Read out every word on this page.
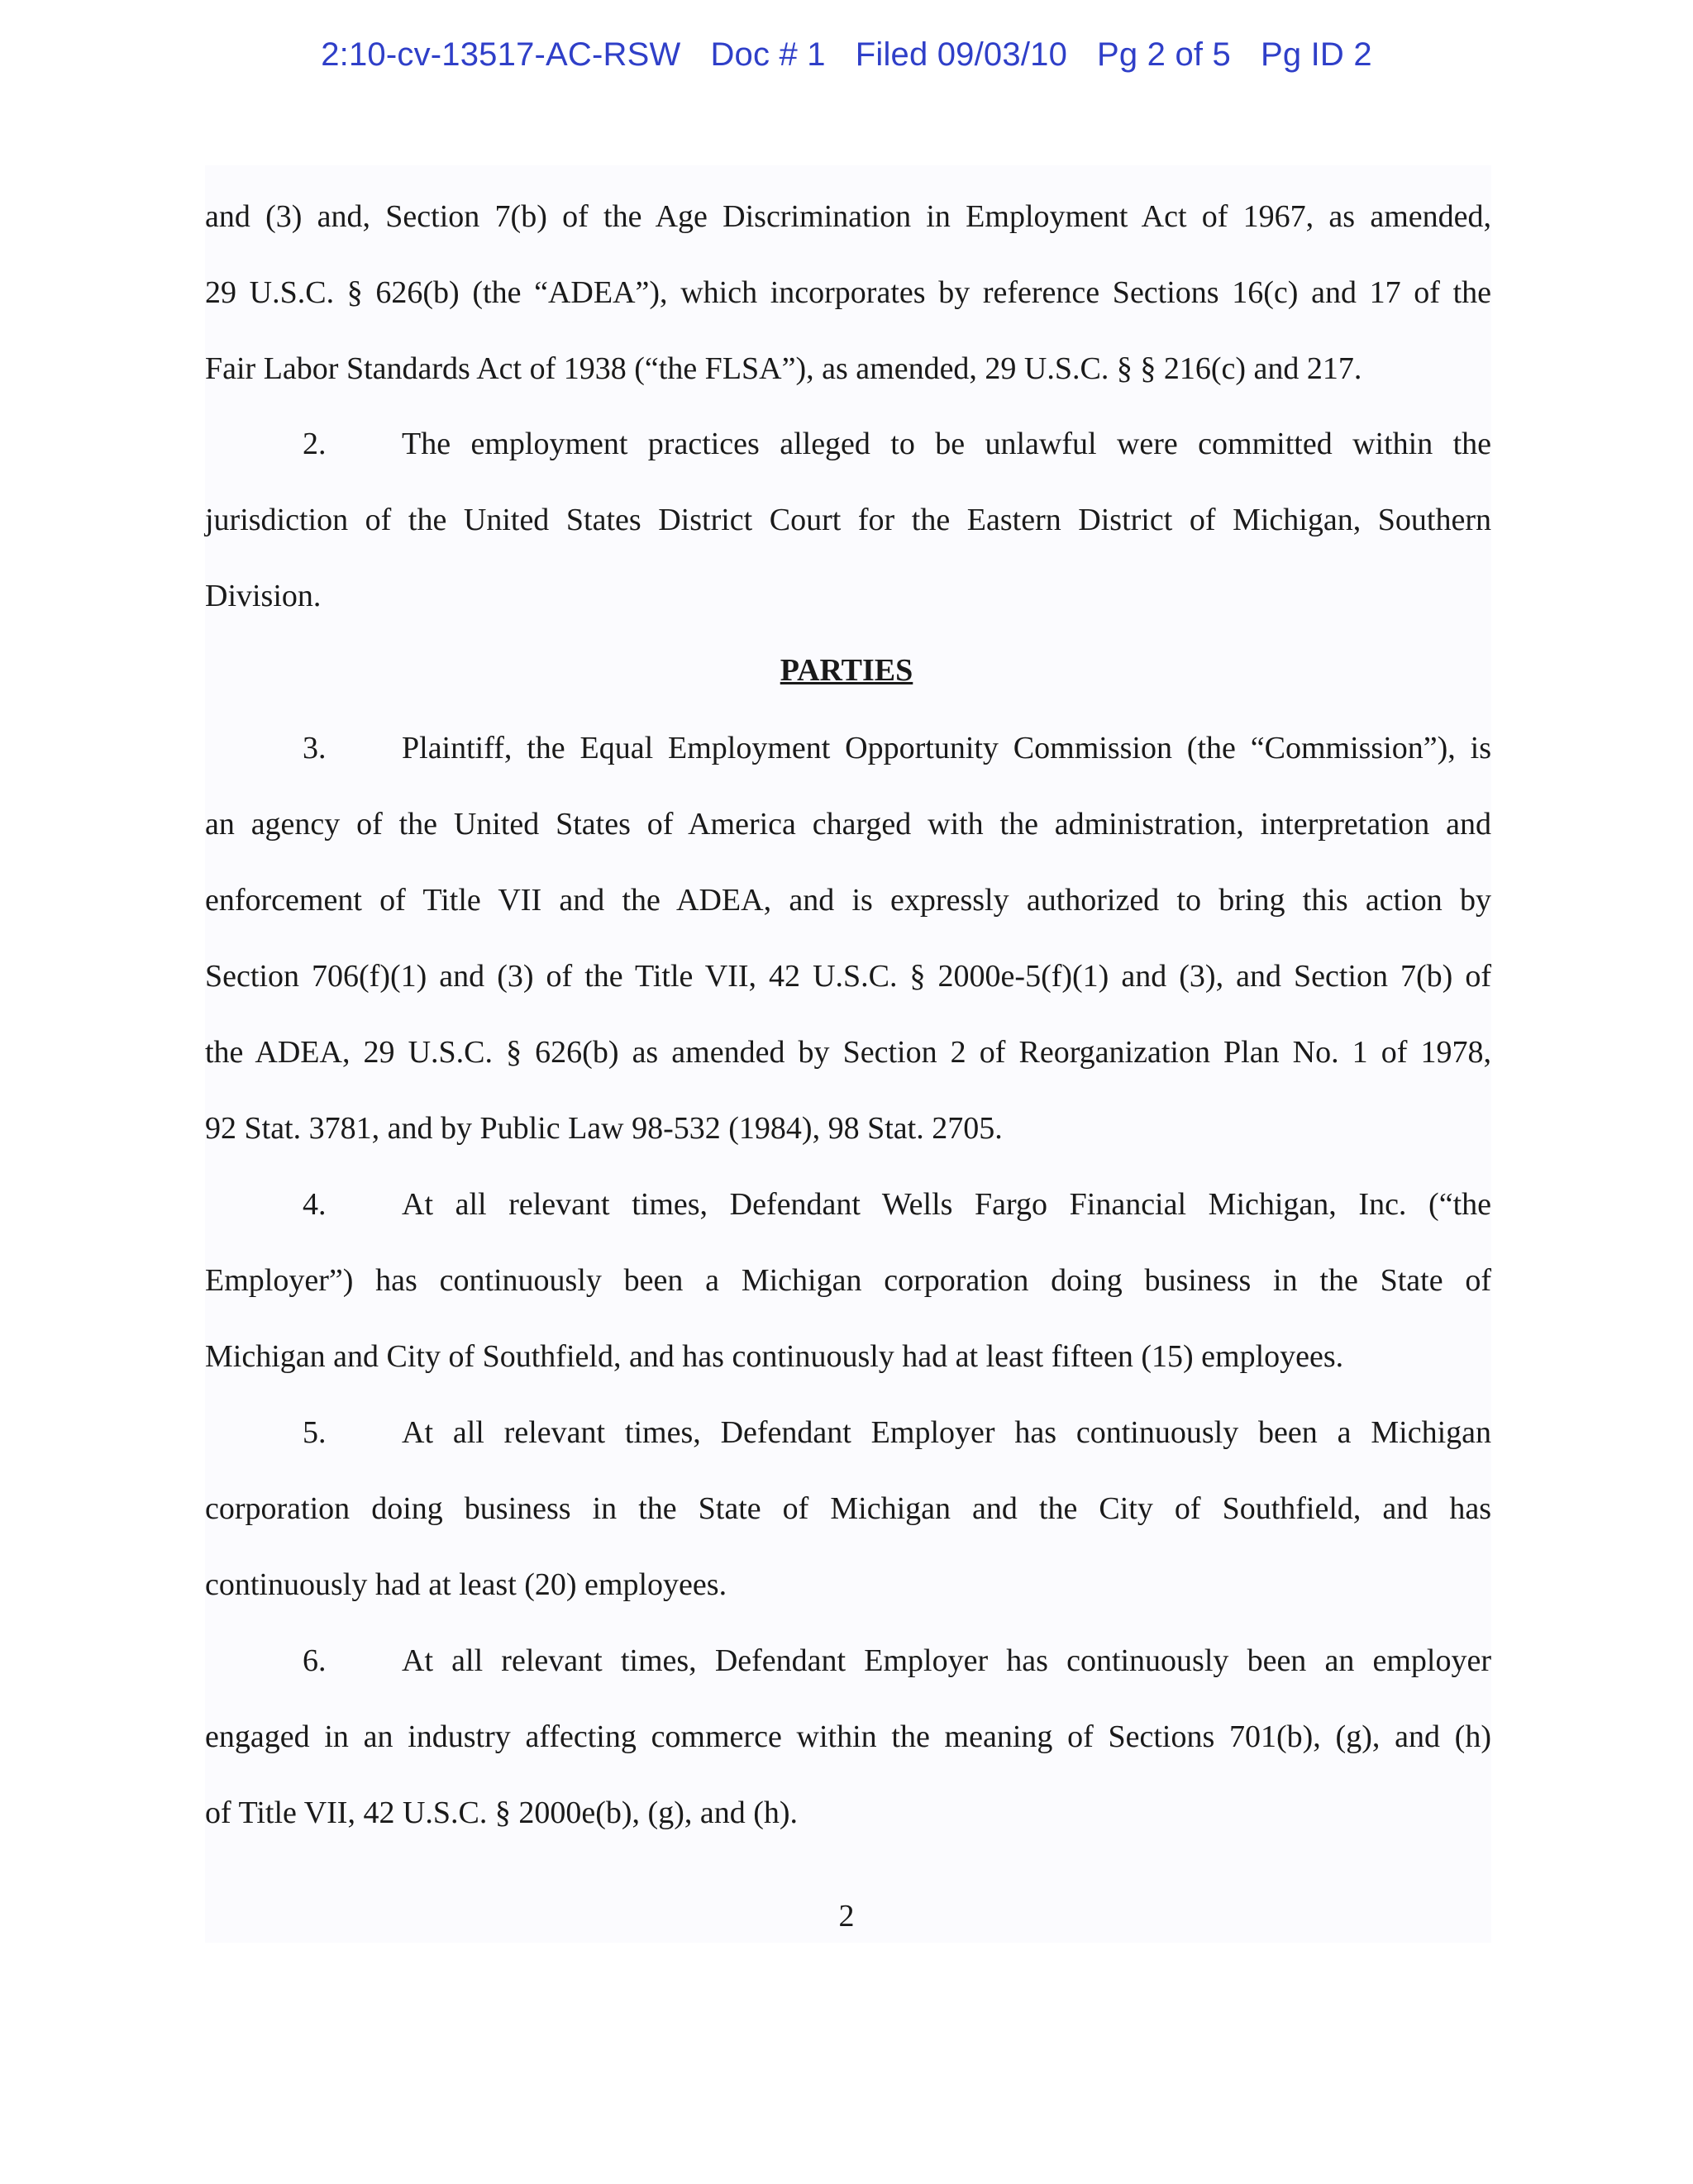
2:10-cv-13517-AC-RSW Doc # 1 Filed 09/03/10 Pg 2 of 5 Pg ID 2
and (3) and, Section 7(b) of the Age Discrimination in Employment Act of 1967, as amended,
29 U.S.C. § 626(b) (the “ADEA”), which incorporates by reference Sections 16(c) and 17 of the
Fair Labor Standards Act of 1938 (“the FLSA”), as amended, 29 U.S.C. § § 216(c) and 217.
2. The employment practices alleged to be unlawful were committed within the
jurisdiction of the United States District Court for the Eastern District of Michigan, Southern
Division.
PARTIES
3. Plaintiff, the Equal Employment Opportunity Commission (the “Commission”), is
an agency of the United States of America charged with the administration, interpretation and
enforcement of Title VII and the ADEA, and is expressly authorized to bring this action by
Section 706(f)(1) and (3) of the Title VII, 42 U.S.C. § 2000e-5(f)(1) and (3), and Section 7(b) of
the ADEA, 29 U.S.C. § 626(b) as amended by Section 2 of Reorganization Plan No. 1 of 1978,
92 Stat. 3781, and by Public Law 98-532 (1984), 98 Stat. 2705.
4. At all relevant times, Defendant Wells Fargo Financial Michigan, Inc. (“the
Employer”) has continuously been a Michigan corporation doing business in the State of
Michigan and City of Southfield, and has continuously had at least fifteen (15) employees.
5. At all relevant times, Defendant Employer has continuously been a Michigan
corporation doing business in the State of Michigan and the City of Southfield, and has
continuously had at least (20) employees.
6. At all relevant times, Defendant Employer has continuously been an employer
engaged in an industry affecting commerce within the meaning of Sections 701(b), (g), and (h)
of Title VII, 42 U.S.C. § 2000e(b), (g), and (h).
2
